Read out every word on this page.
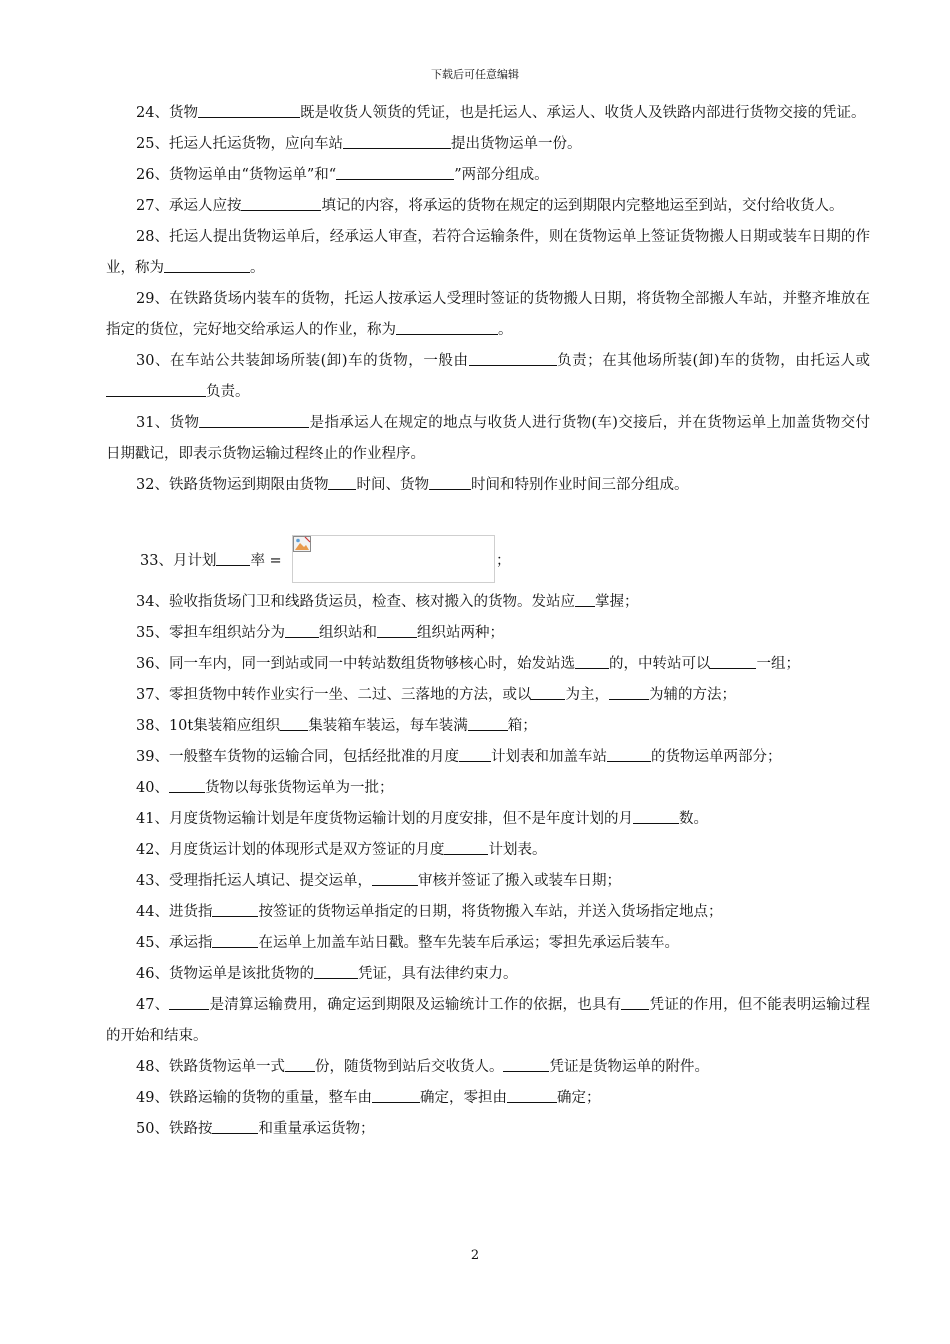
下载后可任意编辑

24、货物	既是收货人领货的凭证，也是托运人、承运人、收货人及铁路内部进行货物交接的凭证。

25、托运人托运货物，应向车站	提出货物运单一份。

26、货物运单由“货物运单”和“	”两部分组成。

27、承运人应按	填记的内容，将承运的货物在规定的运到期限内完整地运至到站，交付给收货人。

28、托运人提出货物运单后，经承运人审查，若符合运输条件，则在货物运单上签证货物搬人日期或装车日期的作业，称为	。

29、在铁路货场内装车的货物，托运人按承运人受理时签证的货物搬人日期，将货物全部搬人车站，并整齐堆放在指定的货位，完好地交给承运人的作业，称为	。

30、在车站公共装卸场所装(卸)车的货物，一般由	负责；在其他场所装(卸)车的货物，由托运人或负责。

31、货物	是指承运人在规定的地点与收货人进行货物(车)交接后，并在货物运单上加盖货物交付日期戳记，即表示货物运输过程终止的作业程序。

32、铁路货物运到期限由货物 时间、货物	时间和特别作业时间三部分组成。

33、月计划 率 =	；

34、验收指货场门卫和线路货运员，检查、核对搬入的货物。发站应 掌握；

35、零担车组织站分为 组织站和	组织站两种；

36、同一车内，同一到站或同一中转站数组货物够核心时，始发站选 的，中转站可以	一组；

37、零担货物中转作业实行一坐、二过、三落地的方法，或以 为主，	为辅的方法；

38、10t集装箱应组织 集装箱车装运，每车装满	箱；

39、一般整车货物的运输合同，包括经批准的月度 计划表和加盖车站	的货物运单两部分；

40、 货物以每张货物运单为一批；

41、月度货物运输计划是年度货物运输计划的月度安排，但不是年度计划的月	数。

42、月度货运计划的体现形式是双方签证的月度	计划表。

43、受理指托运人填记、提交运单，	审核并签证了搬入或装车日期；

44、进货指	按签证的货物运单指定的日期，将货物搬入车站，并送入货场指定地点；

45、承运指	在运单上加盖车站日戳。整车先装车后承运；零担先承运后装车。

46、货物运单是该批货物的	凭证，具有法律约束力。

47、	是清算运输费用，确定运到期限及运输统计工作的依据，也具有 凭证的作用，但不能表明运输过程的开始和结束。

48、铁路货物运单一式 份，随货物到站后交收货人。	凭证是货物运单的附件。

49、铁路运输的货物的重量，整车由	确定，零担由	确定；

50、铁路按	和重量承运货物；

2
